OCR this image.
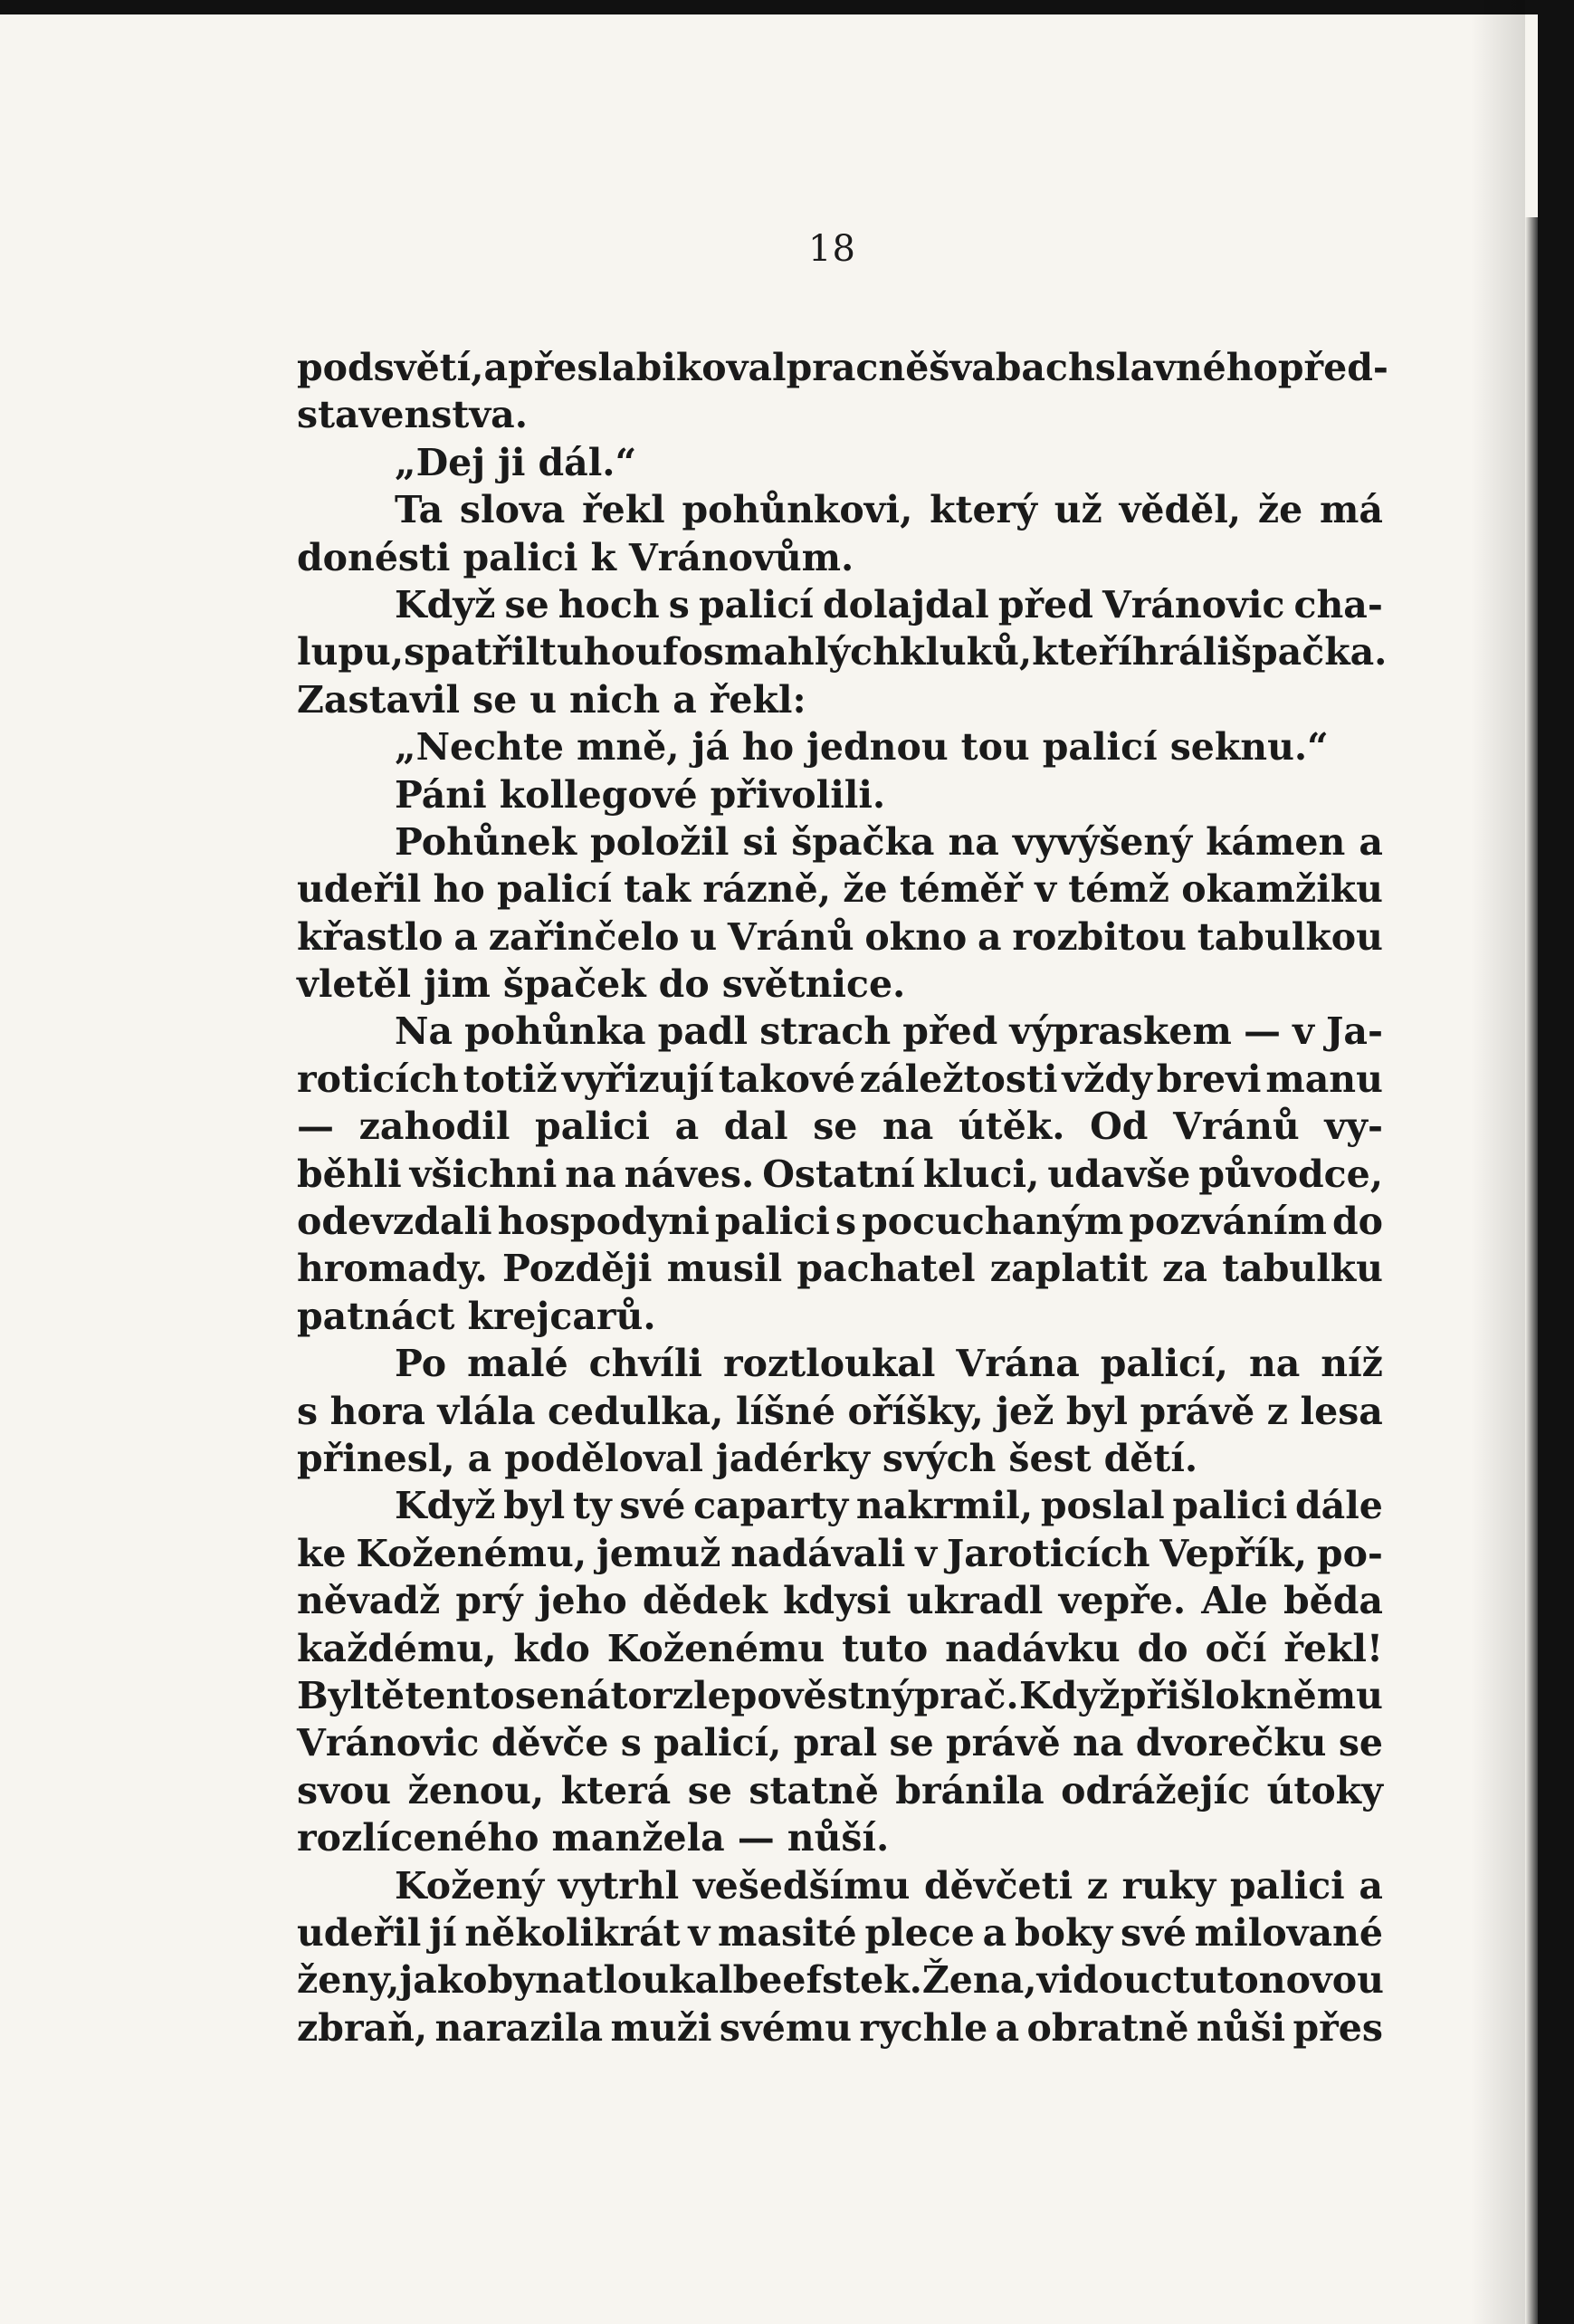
18
podsvětí, a přeslabikoval pracně švabach slavného před-
stavenstva.
„Dej ji dál.“
Ta slova řekl pohůnkovi, který už věděl, že má
donésti palici k Vránovům.
Když se hoch s palicí dolajdal před Vránovic cha-
lupu, spatřil tu houf osmahlých kluků, kteří hráli špačka.
Zastavil se u nich a řekl:
„Nechte mně, já ho jednou tou palicí seknu.“
Páni kollegové přivolili.
Pohůnek položil si špačka na vyvýšený kámen a
udeřil ho palicí tak rázně, že téměř v témž okamžiku
křastlo a zařinčelo u Vránů okno a rozbitou tabulkou
vletěl jim špaček do světnice.
Na pohůnka padl strach před výpraskem — v Ja-
roticích totiž vyřizují takové záležtosti vždy brevi manu
— zahodil palici a dal se na útěk. Od Vránů vy-
běhli všichni na náves. Ostatní kluci, udavše původce,
odevzdali hospodyni palici s pocuchaným pozváním do
hromady. Později musil pachatel zaplatit za tabulku
patnáct krejcarů.
Po malé chvíli roztloukal Vrána palicí, na níž
s hora vlála cedulka, líšné oříšky, jež byl právě z lesa
přinesl, a poděloval jadérky svých šest dětí.
Když byl ty své caparty nakrmil, poslal palici dále
ke Koženému, jemuž nadávali v Jaroticích Vepřík, po-
něvadž prý jeho dědek kdysi ukradl vepře. Ale běda
každému, kdo Koženému tuto nadávku do očí řekl!
Byltě tento senátor zlepověstný prač. Když přišlo k němu
Vránovic děvče s palicí, pral se právě na dvorečku se
svou ženou, která se statně bránila odrážejíc útoky
rozlíceného manžela — nůší.
Kožený vytrhl vešedšímu děvčeti z ruky palici a
udeřil jí několikrát v masité plece a boky své milované
ženy, jakoby natloukal beefstek. Žena, vidouc tuto novou
zbraň, narazila muži svému rychle a obratně nůši přes
